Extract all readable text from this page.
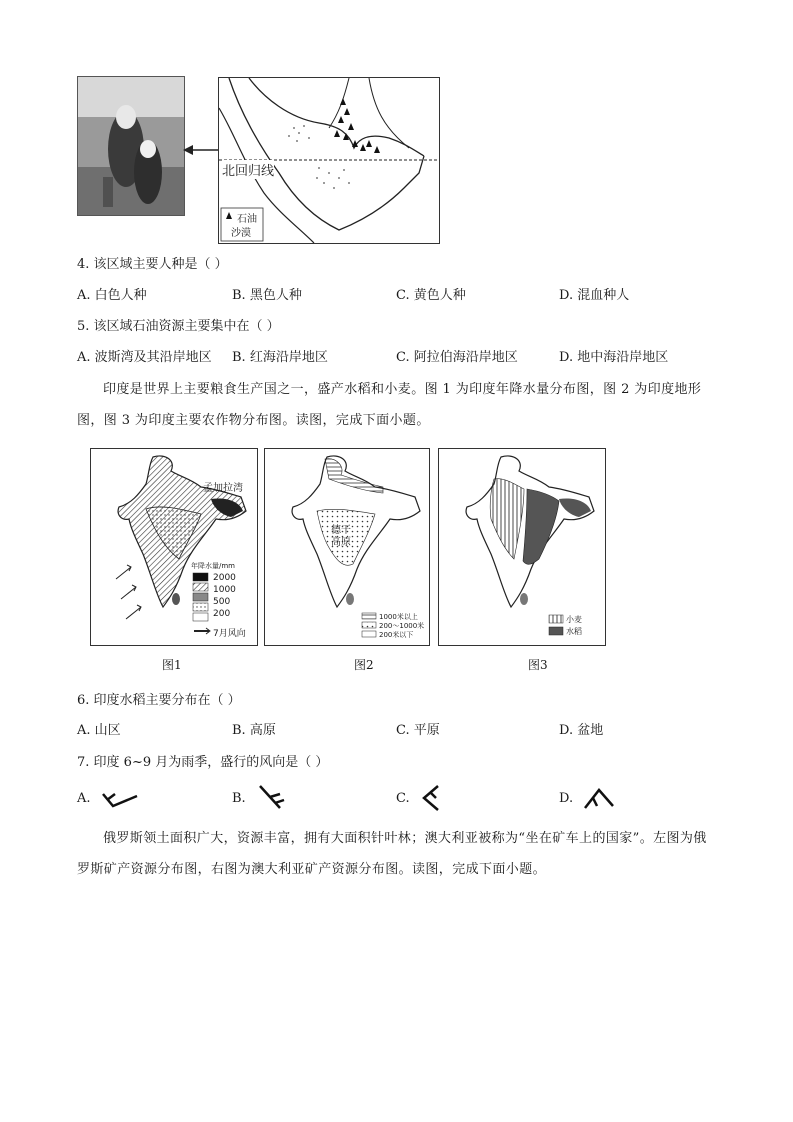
北回归线
石油
沙漠
4. 该区域主要人种是（ ）
A. 白色人种	B. 黑色人种	C. 黄色人种	D. 混血种人
5. 该区域石油资源主要集中在（ ）
A. 波斯湾及其沿岸地区 B. 红海沿岸地区	C. 阿拉伯海沿岸地区	D. 地中海沿岸地区
印度是世界上主要粮食生产国之一，盛产水稻和小麦。图 1 为印度年降水量分布图，图 2 为印度地形图，图 3 为印度主要农作物分布图。读图，完成下面小题。
孟加拉湾
年降水量/mm
2000
1000
500
200
7月风向
德干高原
1000米以上
200～1000米
200米以下
小麦
水稻
图1	图2	图3
6. 印度水稻主要分布在（ ）
A. 山区	B. 高原	C. 平原	D. 盆地
7. 印度 6~9 月为雨季，盛行的风向是（ ）
A.	B.	C.	D.
俄罗斯领土面积广大，资源丰富，拥有大面积针叶林；澳大利亚被称为“坐在矿车上的国家”。左图为俄罗斯矿产资源分布图，右图为澳大利亚矿产资源分布图。读图，完成下面小题。
